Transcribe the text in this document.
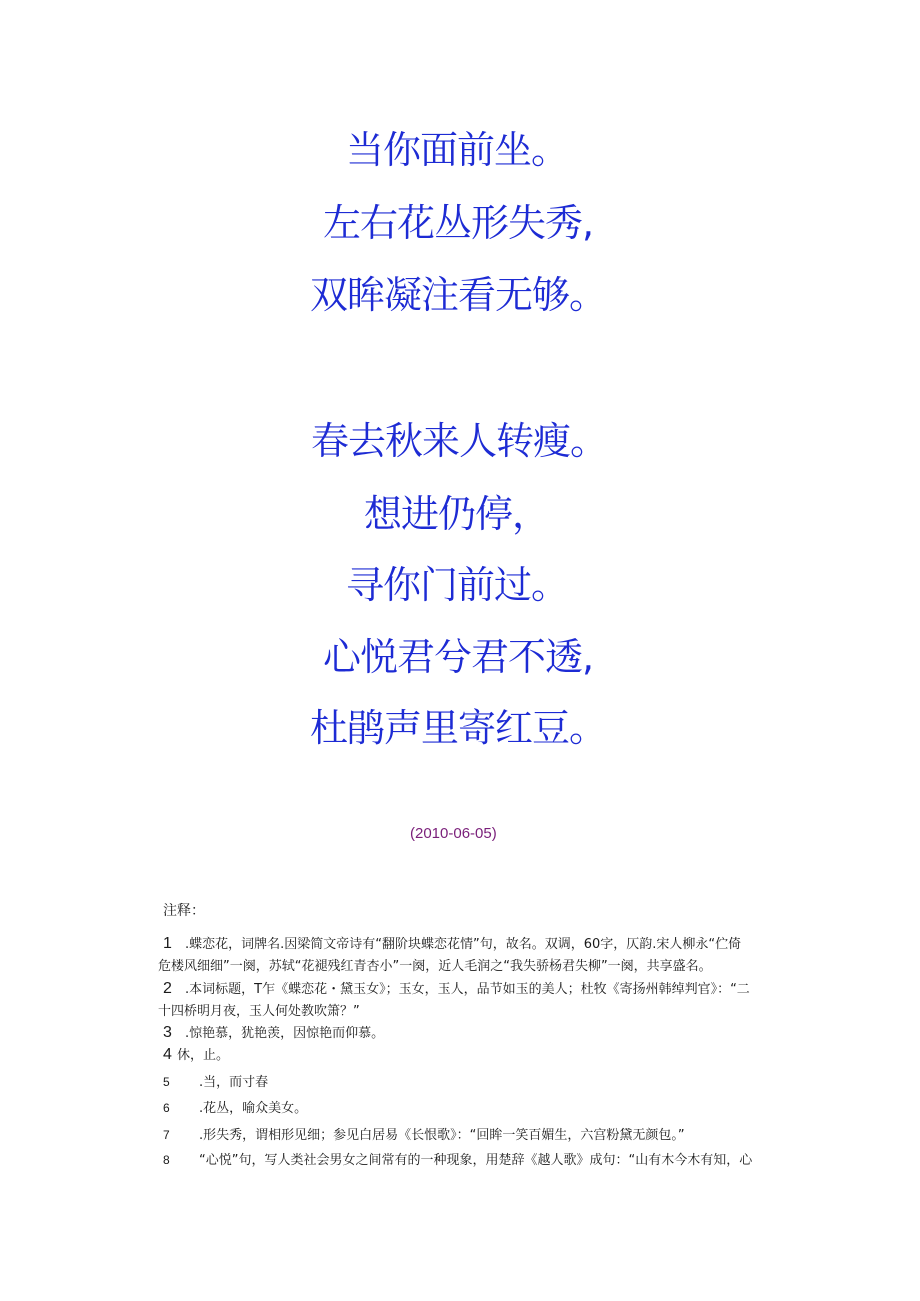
当你面前坐。
左右花丛形失秀,
双眸凝注看无够。
春去秋来人转瘦。
想进仍停，
寻你门前过。
心悦君兮君不透,
杜鹃声里寄红豆。
(2010-06-05)
注释：
1 .蝶恋花，词牌名.因梁简文帝诗有“翻阶块蝶恋花情”句，故名。双调，60字，仄韵.宋人柳永“伫倚
危楼风细细”一阕，苏轼“花褪残红青杏小”一阕，近人毛润之“我失骄杨君失柳”一阕，共享盛名。
2 .本词标题，T乍《蝶恋花・黛玉女》；玉女，玉人，品节如玉的美人；杜牧《寄扬州韩绰判官》：“二
十四桥明月夜，玉人何处教吹箫？”
3 .惊艳慕，犹艳羡，因惊艳而仰慕。
4 休，止。
5 .当，而寸春
6 .花丛，喻众美女。
7 .形失秀，谓相形见细；参见白居易《长恨歌》：“回眸一笑百媚生，六宫粉黛无颜包。”
8 “心悦”句，写人类社会男女之间常有的一种现象，用楚辞《越人歌》成句：“山有木今木有知，心
